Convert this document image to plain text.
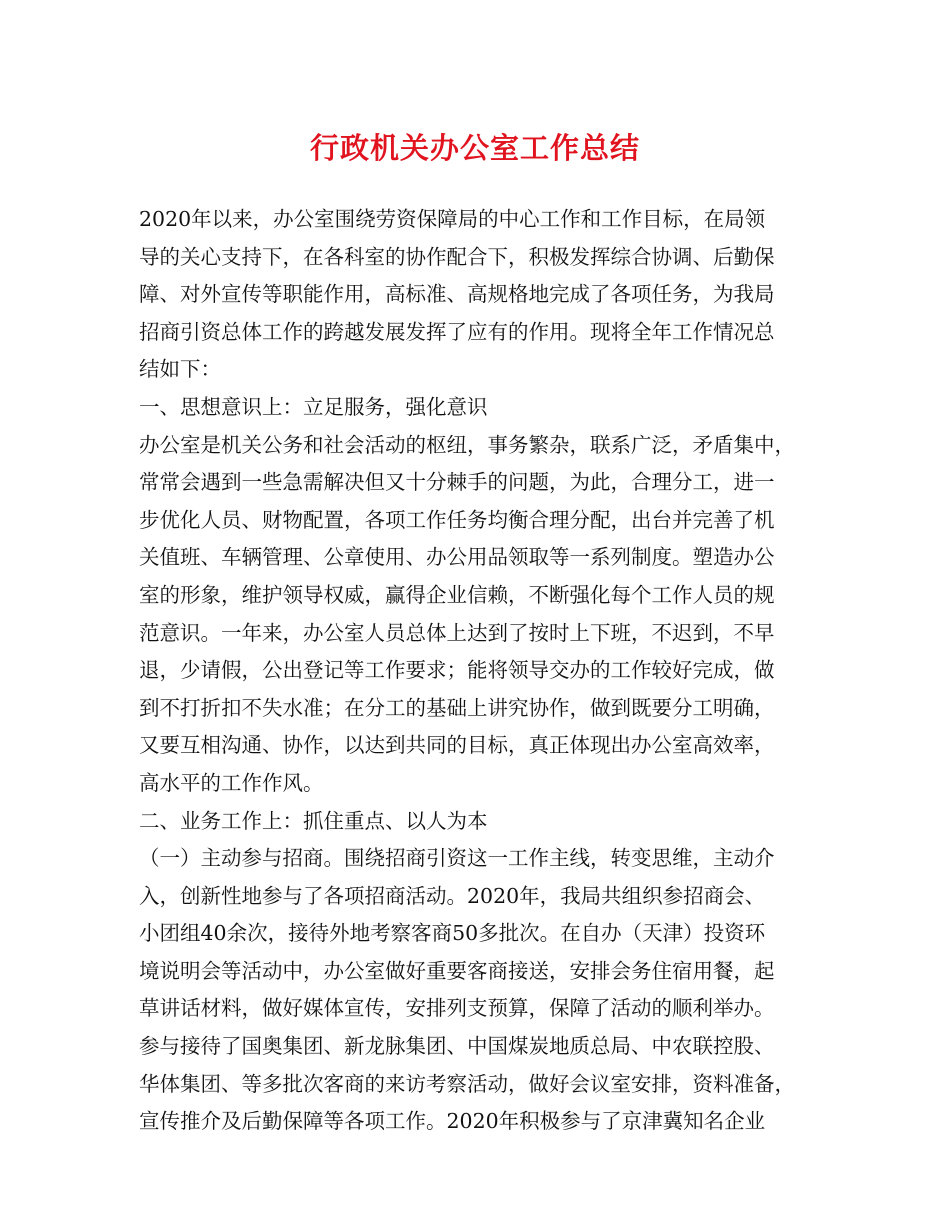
行政机关办公室工作总结
2020年以来，办公室围绕劳资保障局的中心工作和工作目标，在局领
导的关心支持下，在各科室的协作配合下，积极发挥综合协调、后勤保
障、对外宣传等职能作用，高标准、高规格地完成了各项任务，为我局
招商引资总体工作的跨越发展发挥了应有的作用。现将全年工作情况总
结如下：
一、思想意识上：立足服务，强化意识
办公室是机关公务和社会活动的枢纽，事务繁杂，联系广泛，矛盾集中，
常常会遇到一些急需解决但又十分棘手的问题，为此，合理分工，进一
步优化人员、财物配置，各项工作任务均衡合理分配，出台并完善了机
关值班、车辆管理、公章使用、办公用品领取等一系列制度。塑造办公
室的形象，维护领导权威，赢得企业信赖，不断强化每个工作人员的规
范意识。一年来，办公室人员总体上达到了按时上下班，不迟到，不早
退，少请假，公出登记等工作要求；能将领导交办的工作较好完成，做
到不打折扣不失水准；在分工的基础上讲究协作，做到既要分工明确，
又要互相沟通、协作，以达到共同的目标，真正体现出办公室高效率，
高水平的工作作风。
二、业务工作上：抓住重点、以人为本
（一）主动参与招商。围绕招商引资这一工作主线，转变思维，主动介
入，创新性地参与了各项招商活动。2020年，我局共组织参招商会、
小团组40余次，接待外地考察客商50多批次。在自办（天津）投资环
境说明会等活动中，办公室做好重要客商接送，安排会务住宿用餐，起
草讲话材料，做好媒体宣传，安排列支预算，保障了活动的顺利举办。
参与接待了国奥集团、新龙脉集团、中国煤炭地质总局、中农联控股、
华体集团、等多批次客商的来访考察活动，做好会议室安排，资料准备，
宣传推介及后勤保障等各项工作。2020年积极参与了京津冀知名企业
